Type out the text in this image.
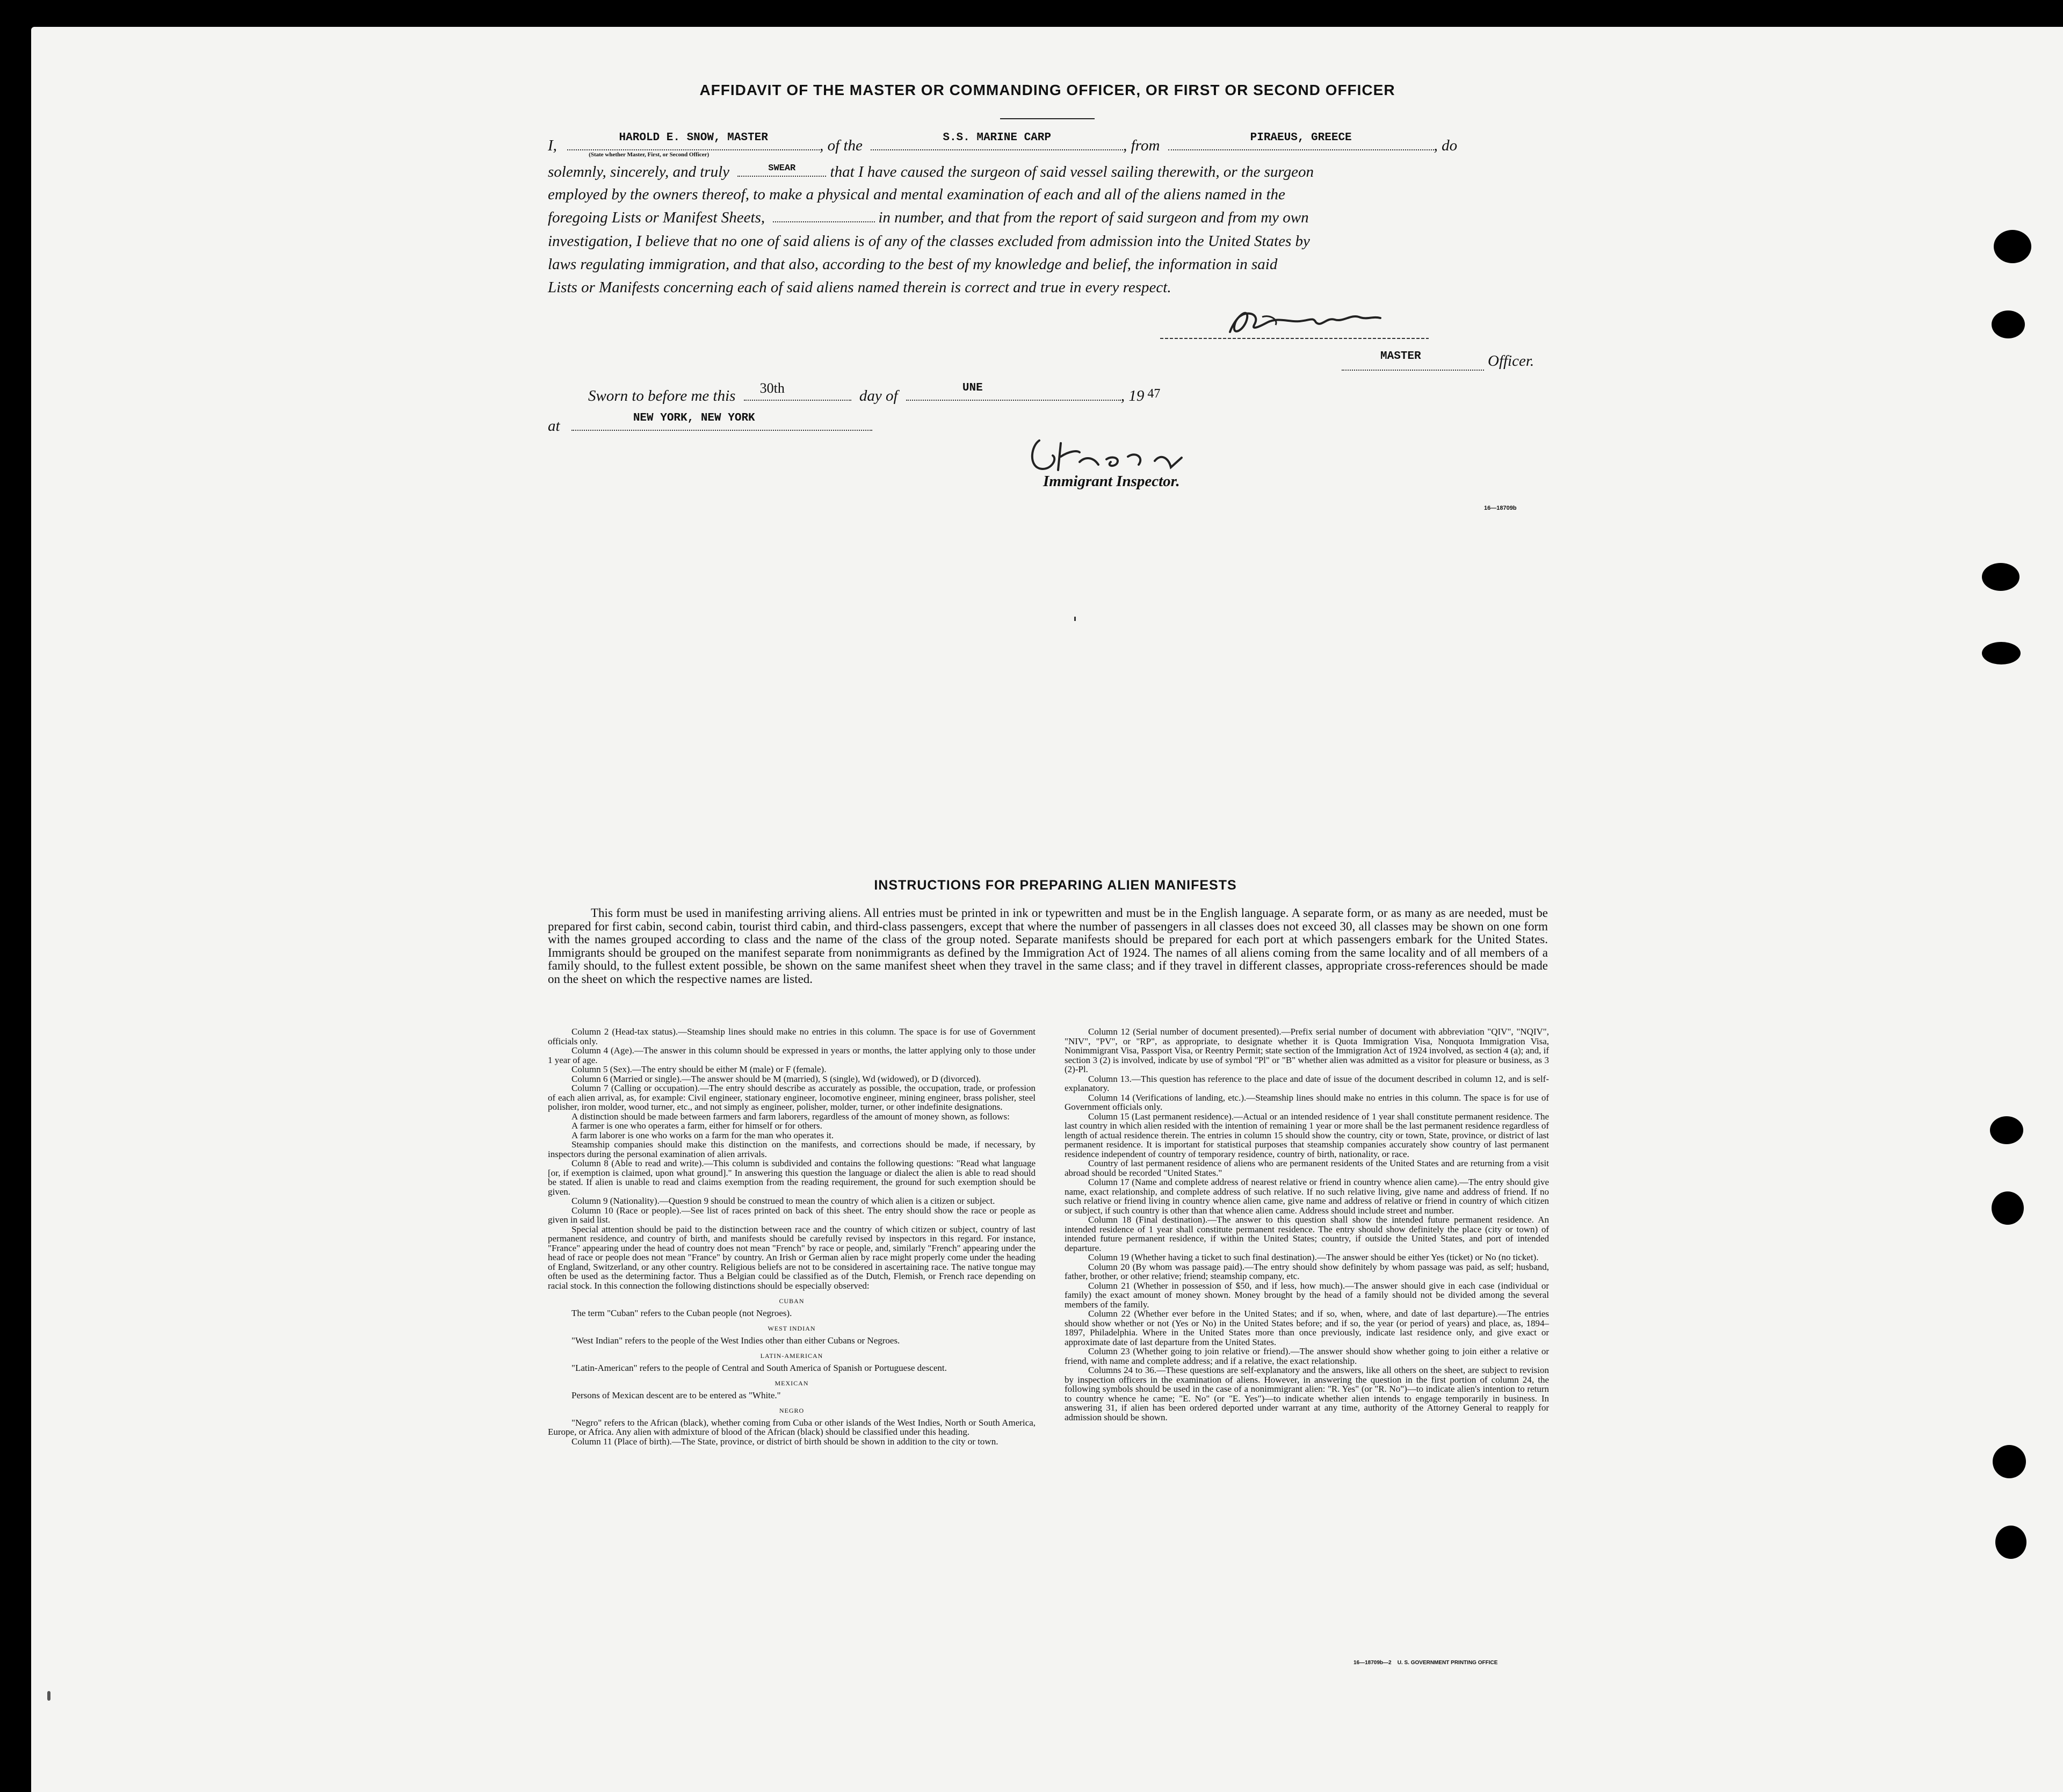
AFFIDAVIT OF THE MASTER OR COMMANDING OFFICER, OR FIRST OR SECOND OFFICER
I,	HAROLD E. SNOW, MASTER
(State whether Master, First, or Second Officer)
, of the	S.S. MARINE CARP	, from	PIRAEUS, GREECE	, do
solemnly, sincerely, and truly	SWEAR	that I have caused the surgeon of said vessel sailing therewith, or the surgeon
employed by the owners thereof, to make a physical and mental examination of each and all of the aliens named in the
foregoing Lists or Manifest Sheets,	in number, and that from the report of said surgeon and from my own
investigation, I believe that no one of said aliens is of any of the classes excluded from admission into the United States by
laws regulating immigration, and that also, according to the best of my knowledge and belief, the information in said
Lists or Manifests concerning each of said aliens named therein is correct and true in every respect.
MASTER	Officer.
Sworn to before me this 30th	day of	UNE	, 19 $^{47}$
at	NEW YORK, NEW YORK
Immigrant Inspector.
16—18709b
INSTRUCTIONS FOR PREPARING ALIEN MANIFESTS
This form must be used in manifesting arriving aliens. All entries must be printed in ink or typewritten and must be in the English language. A separate form, or as many as are needed, must be prepared for first cabin, second cabin, tourist third cabin, and third-class passengers, except that where the number of passengers in all classes does not exceed 30, all classes may be shown on one form with the names grouped according to class and the name of the class of the group noted. Separate manifests should be prepared for each port at which passengers embark for the United States. Immigrants should be grouped on the manifest separate from nonimmigrants as defined by the Immigration Act of 1924. The names of all aliens coming from the same locality and of all members of a family should, to the fullest extent possible, be shown on the same manifest sheet when they travel in the same class; and if they travel in different classes, appropriate cross-references should be made on the sheet on which the respective names are listed.

Column 2 (Head-tax status).—Steamship lines should make no entries in this column. The space is for use of Government officials only.

Column 4 (Age).—The answer in this column should be expressed in years or months, the latter applying only to those under 1 year of age.

Column 5 (Sex).—The entry should be either M (male) or F (female).

Column 6 (Married or single).—The answer should be M (married), S (single), Wd (widowed), or D (divorced).

Column 7 (Calling or occupation).—The entry should describe as accurately as possible, the occupation, trade, or profession of each alien arrival, as, for example: Civil engineer, stationary engineer, locomotive engineer, mining engineer, brass polisher, steel polisher, iron molder, wood turner, etc., and not simply as engineer, polisher, molder, turner, or other indefinite designations.

A distinction should be made between farmers and farm laborers, regardless of the amount of money shown, as follows:

A farmer is one who operates a farm, either for himself or for others.

A farm laborer is one who works on a farm for the man who operates it.

Steamship companies should make this distinction on the manifests, and corrections should be made, if necessary, by inspectors during the personal examination of alien arrivals.

Column 8 (Able to read and write).—This column is subdivided and contains the following questions: "Read what language [or, if exemption is claimed, upon what ground]." In answering this question the language or dialect the alien is able to read should be stated. If alien is unable to read and claims exemption from the reading requirement, the ground for such exemption should be given.

Column 9 (Nationality).—Question 9 should be construed to mean the country of which alien is a citizen or subject.

Column 10 (Race or people).—See list of races printed on back of this sheet. The entry should show the race or people as given in said list.

Special attention should be paid to the distinction between race and the country of which citizen or subject, country of last permanent residence, and country of birth, and manifests should be carefully revised by inspectors in this regard. For instance, "France" appearing under the head of country does not mean "French" by race or people, and, similarly "French" appearing under the head of race or people does not mean "France" by country. An Irish or German alien by race might properly come under the heading of England, Switzerland, or any other country. Religious beliefs are not to be considered in ascertaining race. The native tongue may often be used as the determining factor. Thus a Belgian could be classified as of the Dutch, Flemish, or French race depending on racial stock. In this connection the following distinctions should be especially observed:

CUBAN

The term "Cuban" refers to the Cuban people (not Negroes).

WEST INDIAN

"West Indian" refers to the people of the West Indies other than either Cubans or Negroes.

LATIN-AMERICAN

"Latin-American" refers to the people of Central and South America of Spanish or Portuguese descent.

MEXICAN

Persons of Mexican descent are to be entered as "White."

NEGRO

"Negro" refers to the African (black), whether coming from Cuba or other islands of the West Indies, North or South America, Europe, or Africa. Any alien with admixture of blood of the African (black) should be classified under this heading.

Column 11 (Place of birth).—The State, province, or district of birth should be shown in addition to the city or town.

Column 12 (Serial number of document presented).—Prefix serial number of document with abbreviation "QIV", "NQIV", "NIV", "PV", or "RP", as appropriate, to designate whether it is Quota Immigration Visa, Nonquota Immigration Visa, Nonimmigrant Visa, Passport Visa, or Reentry Permit; state section of the Immigration Act of 1924 involved, as section 4 (a); and, if section 3 (2) is involved, indicate by use of symbol "Pl" or "B" whether alien was admitted as a visitor for pleasure or business, as 3 (2)-Pl.

Column 13.—This question has reference to the place and date of issue of the document described in column 12, and is self-explanatory.

Column 14 (Verifications of landing, etc.).—Steamship lines should make no entries in this column. The space is for use of Government officials only.

Column 15 (Last permanent residence).—Actual or an intended residence of 1 year shall constitute permanent residence. The last country in which alien resided with the intention of remaining 1 year or more shall be the last permanent residence regardless of length of actual residence therein. The entries in column 15 should show the country, city or town, State, province, or district of last permanent residence. It is important for statistical purposes that steamship companies accurately show country of last permanent residence independent of country of temporary residence, country of birth, nationality, or race.

Country of last permanent residence of aliens who are permanent residents of the United States and are returning from a visit abroad should be recorded "United States."

Column 17 (Name and complete address of nearest relative or friend in country whence alien came).—The entry should give name, exact relationship, and complete address of such relative. If no such relative living, give name and address of friend. If no such relative or friend living in country whence alien came, give name and address of relative or friend in country of which citizen or subject, if such country is other than that whence alien came. Address should include street and number.

Column 18 (Final destination).—The answer to this question shall show the intended future permanent residence. An intended residence of 1 year shall constitute permanent residence. The entry should show definitely the place (city or town) of intended future permanent residence, if within the United States; country, if outside the United States, and port of intended departure.

Column 19 (Whether having a ticket to such final destination).—The answer should be either Yes (ticket) or No (no ticket).

Column 20 (By whom was passage paid).—The entry should show definitely by whom passage was paid, as self; husband, father, brother, or other relative; friend; steamship company, etc.

Column 21 (Whether in possession of $50, and if less, how much).—The answer should give in each case (individual or family) the exact amount of money shown. Money brought by the head of a family should not be divided among the several members of the family.

Column 22 (Whether ever before in the United States; and if so, when, where, and date of last departure).—The entries should show whether or not (Yes or No) in the United States before; and if so, the year (or period of years) and place, as, 1894–1897, Philadelphia. Where in the United States more than once previously, indicate last residence only, and give exact or approximate date of last departure from the United States.

Column 23 (Whether going to join relative or friend).—The answer should show whether going to join either a relative or friend, with name and complete address; and if a relative, the exact relationship.

Columns 24 to 36.—These questions are self-explanatory and the answers, like all others on the sheet, are subject to revision by inspection officers in the examination of aliens. However, in answering the question in the first portion of column 24, the following symbols should be used in the case of a nonimmigrant alien: "R. Yes" (or "R. No")—to indicate alien's intention to return to country whence he came; "E. No" (or "E. Yes")—to indicate whether alien intends to engage temporarily in business. In answering 31, if alien has been ordered deported under warrant at any time, authority of the Attorney General to reapply for admission should be shown.

16—18709b—2    U. S. GOVERNMENT PRINTING OFFICE
